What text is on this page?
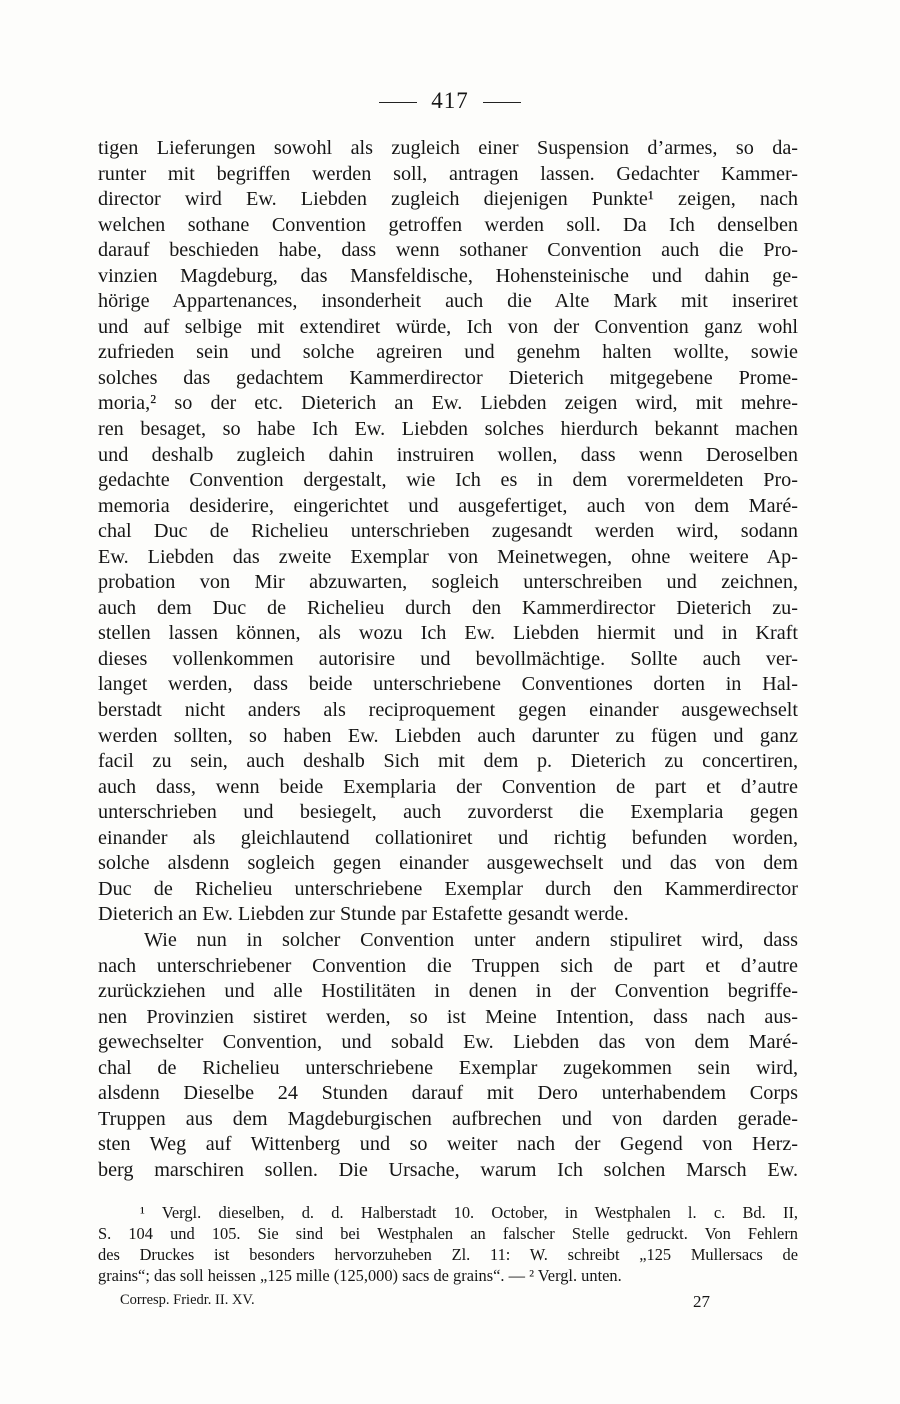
417
tigen Lieferungen sowohl als zugleich einer Suspension d’armes, so da-
runter mit begriffen werden soll, antragen lassen. Gedachter Kammer-
director wird Ew. Liebden zugleich diejenigen Punkte¹ zeigen, nach
welchen sothane Convention getroffen werden soll. Da Ich denselben
darauf beschieden habe, dass wenn sothaner Convention auch die Pro-
vinzien Magdeburg, das Mansfeldische, Hohensteinische und dahin ge-
hörige Appartenances, insonderheit auch die Alte Mark mit inseriret
und auf selbige mit extendiret würde, Ich von der Convention ganz wohl
zufrieden sein und solche agreiren und genehm halten wollte, sowie
solches das gedachtem Kammerdirector Dieterich mitgegebene Prome-
moria,² so der etc. Dieterich an Ew. Liebden zeigen wird, mit mehre-
ren besaget, so habe Ich Ew. Liebden solches hierdurch bekannt machen
und deshalb zugleich dahin instruiren wollen, dass wenn Deroselben
gedachte Convention dergestalt, wie Ich es in dem vorermeldeten Pro-
memoria desiderire, eingerichtet und ausgefertiget, auch von dem Maré-
chal Duc de Richelieu unterschrieben zugesandt werden wird, sodann
Ew. Liebden das zweite Exemplar von Meinetwegen, ohne weitere Ap-
probation von Mir abzuwarten, sogleich unterschreiben und zeichnen,
auch dem Duc de Richelieu durch den Kammerdirector Dieterich zu-
stellen lassen können, als wozu Ich Ew. Liebden hiermit und in Kraft
dieses vollenkommen autorisire und bevollmächtige. Sollte auch ver-
langet werden, dass beide unterschriebene Conventiones dorten in Hal-
berstadt nicht anders als reciproquement gegen einander ausgewechselt
werden sollten, so haben Ew. Liebden auch darunter zu fügen und ganz
facil zu sein, auch deshalb Sich mit dem p. Dieterich zu concertiren,
auch dass, wenn beide Exemplaria der Convention de part et d’autre
unterschrieben und besiegelt, auch zuvorderst die Exemplaria gegen
einander als gleichlautend collationiret und richtig befunden worden,
solche alsdenn sogleich gegen einander ausgewechselt und das von dem
Duc de Richelieu unterschriebene Exemplar durch den Kammerdirector
Dieterich an Ew. Liebden zur Stunde par Estafette gesandt werde.
Wie nun in solcher Convention unter andern stipuliret wird, dass
nach unterschriebener Convention die Truppen sich de part et d’autre
zurückziehen und alle Hostilitäten in denen in der Convention begriffe-
nen Provinzien sistiret werden, so ist Meine Intention, dass nach aus-
gewechselter Convention, und sobald Ew. Liebden das von dem Maré-
chal de Richelieu unterschriebene Exemplar zugekommen sein wird,
alsdenn Dieselbe 24 Stunden darauf mit Dero unterhabendem Corps
Truppen aus dem Magdeburgischen aufbrechen und von darden gerade-
sten Weg auf Wittenberg und so weiter nach der Gegend von Herz-
berg marschiren sollen. Die Ursache, warum Ich solchen Marsch Ew.
¹ Vergl. dieselben, d. d. Halberstadt 10. October, in Westphalen l. c. Bd. II,
S. 104 und 105. Sie sind bei Westphalen an falscher Stelle gedruckt. Von Fehlern
des Druckes ist besonders hervorzuheben Zl. 11: W. schreibt „125 Mullersacs de
grains“; das soll heissen „125 mille (125,000) sacs de grains“. — ² Vergl. unten.
Corresp. Friedr. II. XV.	27
